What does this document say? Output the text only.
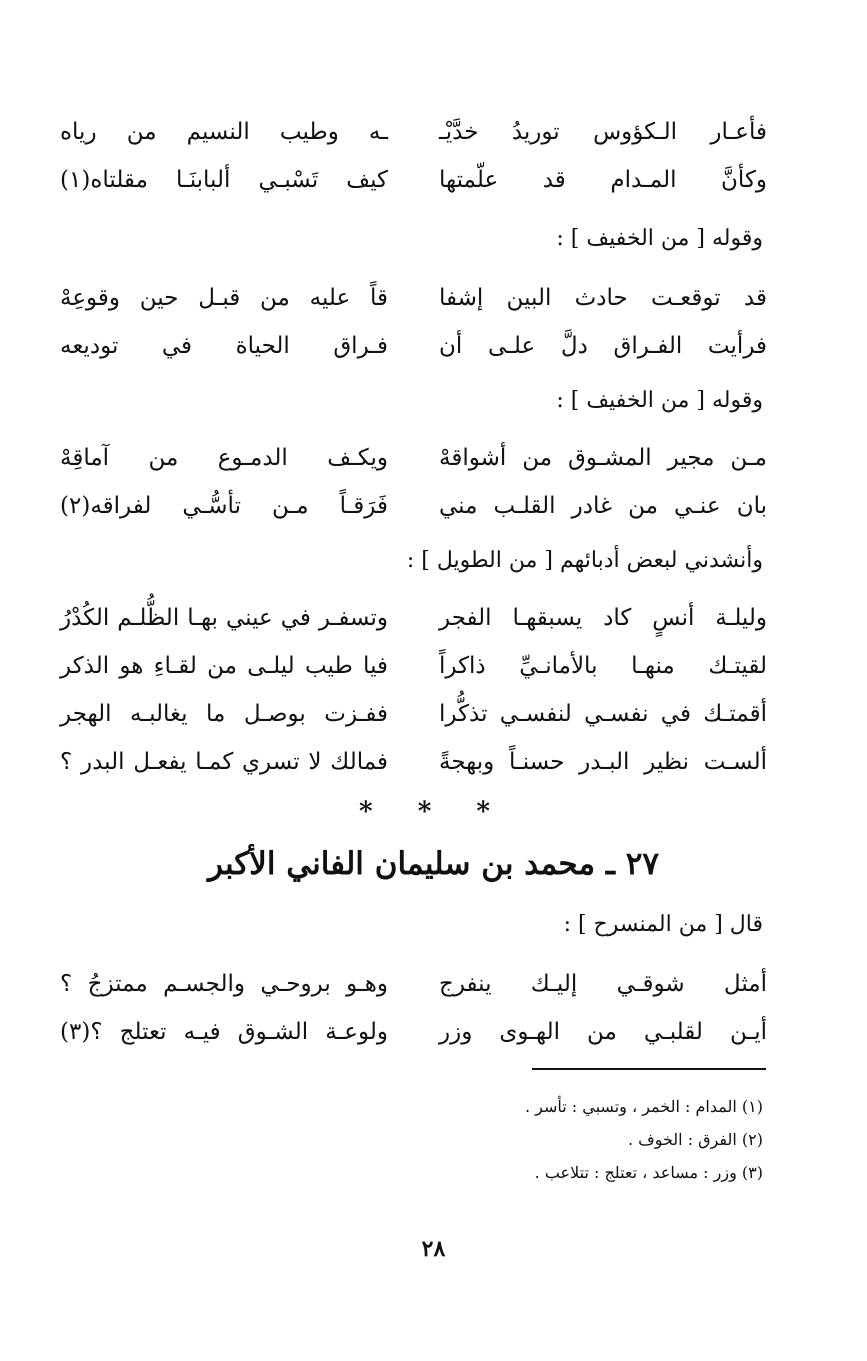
فأعـار الـكؤوس توريدُ خدَّيْـ
ـه وطيب النسيم من رياه
وكأنَّ المـدام قد علّمتها
كيف تَسْبـي ألبابنَـا مقلتاه(١)
وقوله [ من الخفيف ] :
قد توقعـت حادث البين إشفا
قاً عليه من قبـل حين وقوعِهْ
فرأيت الفـراق دلَّ علـى أن
فـراق الحياة في توديعه
وقوله [ من الخفيف ] :
مـن مجير المشـوق من أشواقهْ
ويكـف الدمـوع من آماقِهْ
بان عنـي من غادر القلـب مني
فَرَقـاً مـن تأسُّـي لفراقه(٢)
وأنشدني لبعض أدبائهم [ من الطويل ] :
وليلـة أنسٍ كاد يسبقهـا الفجر
وتسفـر في عيني بهـا الظُّلـم الكُدْرُ
لقيتـك منهـا بالأمانـيِّ ذاكراً
فيا طيب ليلـى من لقـاءِ هو الذكر
أقمتـك في نفسـي لنفسـي تذكُّرا
ففـزت بوصـل ما يغالبـه الهجر
ألسـت نظير البـدر حسنـاً وبهجةً
فمالك لا تسري كمـا يفعـل البدر ؟
* * *
٢٧ ـ محمد بن سليمان الفاني الأكبر
قال [ من المنسرح ] :
أمثل شوقـي إليـك ينفرج
وهـو بروحـي والجسـم ممتزجُ ؟
أيـن لقلبـي من الهـوى وزر
ولوعـة الشـوق فيـه تعتلج ؟(٣)
(١) المدام : الخمر ، وتسبي : تأسر .
(٢) الفرق : الخوف .
(٣) وزر : مساعد ، تعتلج : تتلاعب .
٢٨
